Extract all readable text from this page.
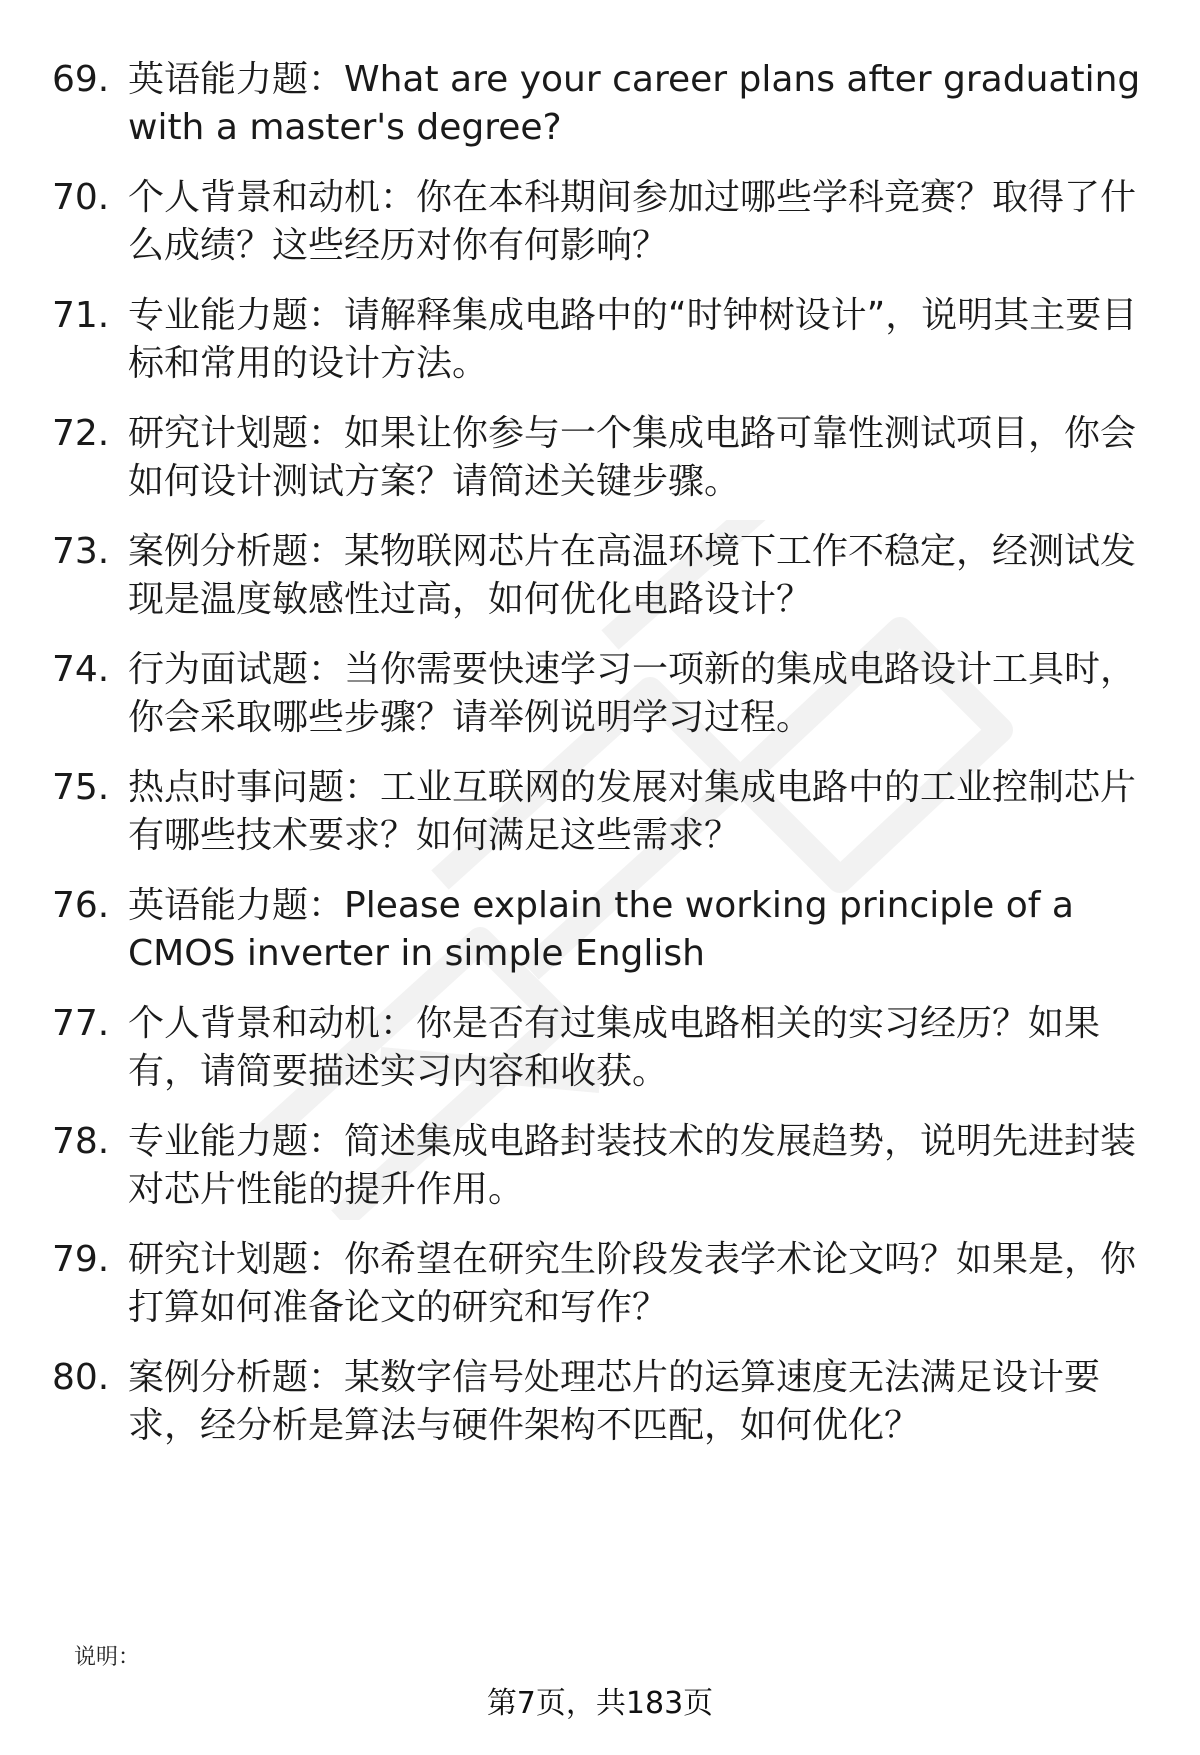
69. 英语能力题：What are your career plans after graduating with a master's degree?
70. 个人背景和动机：你在本科期间参加过哪些学科竞赛？取得了什么成绩？这些经历对你有何影响？
71. 专业能力题：请解释集成电路中的“时钟树设计”，说明其主要目标和常用的设计方法。
72. 研究计划题：如果让你参与一个集成电路可靠性测试项目，你会如何设计测试方案？请简述关键步骤。
73. 案例分析题：某物联网芯片在高温环境下工作不稳定，经测试发现是温度敏感性过高，如何优化电路设计？
74. 行为面试题：当你需要快速学习一项新的集成电路设计工具时，你会采取哪些步骤？请举例说明学习过程。
75. 热点时事问题：工业互联网的发展对集成电路中的工业控制芯片有哪些技术要求？如何满足这些需求？
76. 英语能力题：Please explain the working principle of a CMOS inverter in simple English
77. 个人背景和动机：你是否有过集成电路相关的实习经历？如果有，请简要描述实习内容和收获。
78. 专业能力题：简述集成电路封装技术的发展趋势，说明先进封装对芯片性能的提升作用。
79. 研究计划题：你希望在研究生阶段发表学术论文吗？如果是，你打算如何准备论文的研究和写作？
80. 案例分析题：某数字信号处理芯片的运算速度无法满足设计要求，经分析是算法与硬件架构不匹配，如何优化？
说明：
第7页，共183页
